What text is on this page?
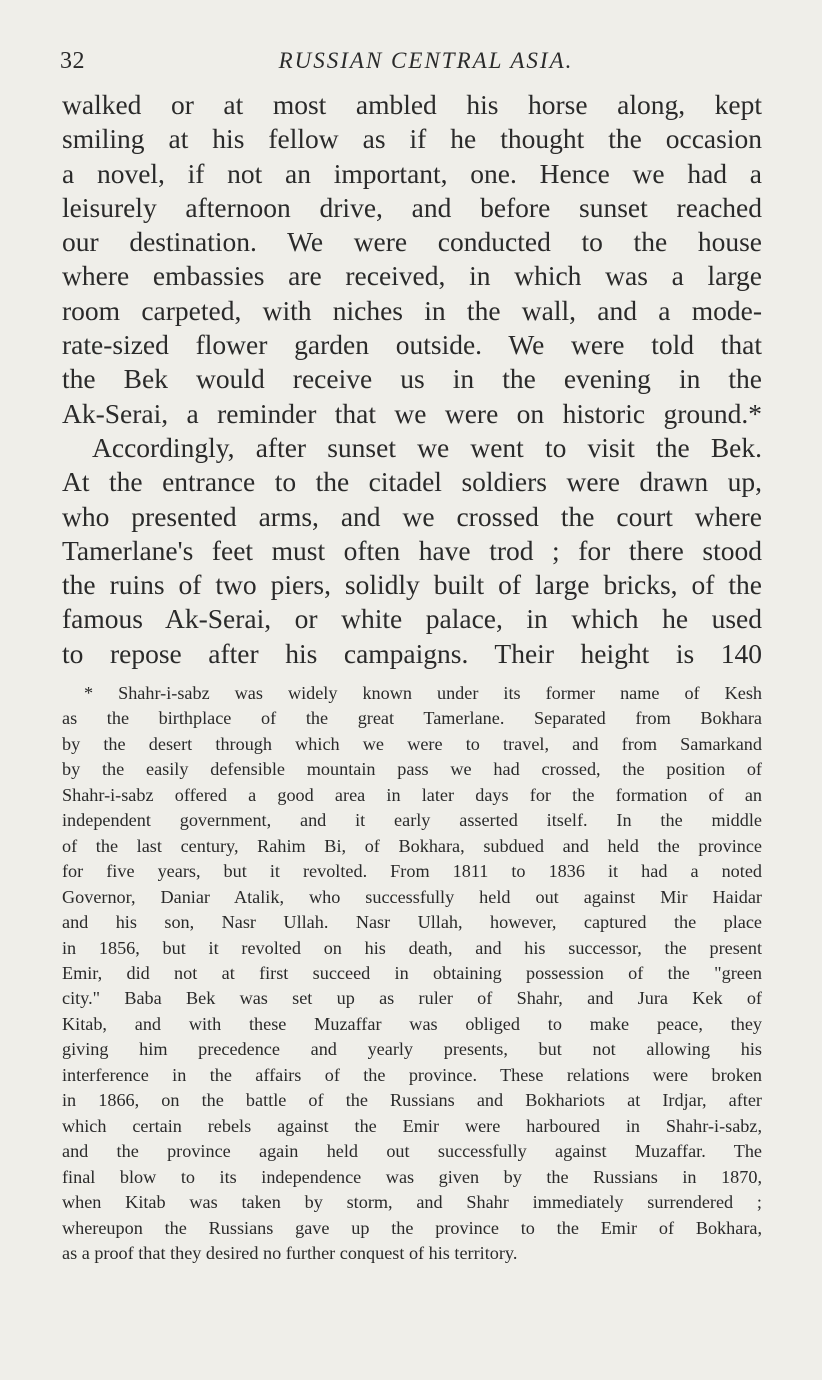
32	RUSSIAN CENTRAL ASIA.
walked or at most ambled his horse along, kept
smiling at his fellow as if he thought the occasion
a novel, if not an important, one. Hence we had a
leisurely afternoon drive, and before sunset reached
our destination. We were conducted to the house
where embassies are received, in which was a large
room carpeted, with niches in the wall, and a mode-
rate-sized flower garden outside. We were told that
the Bek would receive us in the evening in the
Ak-Serai, a reminder that we were on historic ground.*
Accordingly, after sunset we went to visit the Bek.
At the entrance to the citadel soldiers were drawn up,
who presented arms, and we crossed the court where
Tamerlane's feet must often have trod ; for there stood
the ruins of two piers, solidly built of large bricks, of the
famous Ak-Serai, or white palace, in which he used
to repose after his campaigns. Their height is 140
* Shahr-i-sabz was widely known under its former name of Kesh
as the birthplace of the great Tamerlane. Separated from Bokhara
by the desert through which we were to travel, and from Samarkand
by the easily defensible mountain pass we had crossed, the position of
Shahr-i-sabz offered a good area in later days for the formation of an
independent government, and it early asserted itself. In the middle
of the last century, Rahim Bi, of Bokhara, subdued and held the province
for five years, but it revolted. From 1811 to 1836 it had a noted
Governor, Daniar Atalik, who successfully held out against Mir Haidar
and his son, Nasr Ullah. Nasr Ullah, however, captured the place
in 1856, but it revolted on his death, and his successor, the present
Emir, did not at first succeed in obtaining possession of the "green
city." Baba Bek was set up as ruler of Shahr, and Jura Kek of
Kitab, and with these Muzaffar was obliged to make peace, they
giving him precedence and yearly presents, but not allowing his
interference in the affairs of the province. These relations were broken
in 1866, on the battle of the Russians and Bokhariots at Irdjar, after
which certain rebels against the Emir were harboured in Shahr-i-sabz,
and the province again held out successfully against Muzaffar. The
final blow to its independence was given by the Russians in 1870,
when Kitab was taken by storm, and Shahr immediately surrendered ;
whereupon the Russians gave up the province to the Emir of Bokhara,
as a proof that they desired no further conquest of his territory.
